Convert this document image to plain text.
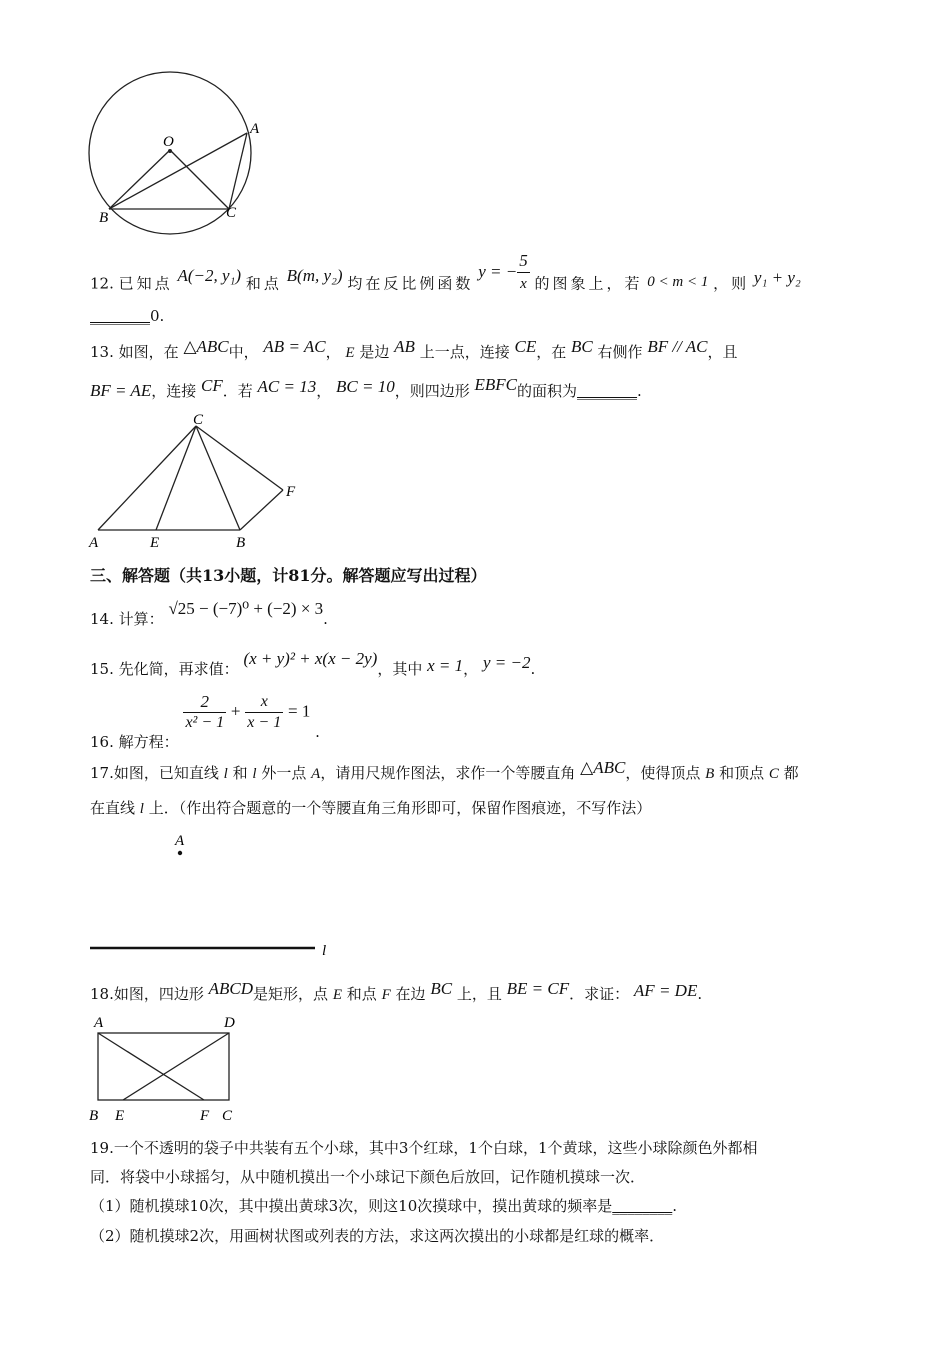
O
A
B	C
12. 已知点 A(−2, y₁) 和点 B(m, y₂) 均在反比例函数 y = − $\frac{5}{x}$ 的图象上，若 0 < m < 1 ，则 y₁ + y₂
________0.
13. 如图，在 △ABC中， AB = AC， E 是边 AB 上一点，连接 CE，在 BC 右侧作 BF // AC，且
BF = AE，连接 CF．若 AC = 13， BC = 10，则四边形 EBFC的面积为________.
C
F
A	E	B
三、解答题（共13小题，计81分。解答题应写出过程）
14. 计算： √25 − (−7)⁰ + (−2) × 3.
15. 先化简，再求值： (x + y)² + x(x − 2y)，其中 x = 1， y = −2.
16. 解方程：
$\frac{2}{\text{x² − 1}} + \frac{x}{x - 1} = 1$ .
17.如图，已知直线 l 和 l 外一点 A，请用尺规作图法，求作一个等腰直角 △ABC，使得顶点 B 和顶点 C 都
在直线 l 上．（作出符合题意的一个等腰直角三角形即可，保留作图痕迹，不写作法）
A
l
18.如图，四边形 ABCD是矩形，点 E 和点 F 在边 BC 上，且 BE = CF．求证： AF = DE.
A	D
B E	F C
19.一个不透明的袋子中共装有五个小球，其中3个红球，1个白球，1个黄球，这些小球除颜色外都相
同．将袋中小球摇匀，从中随机摸出一个小球记下颜色后放回，记作随机摸球一次．
（1）随机摸球10次，其中摸出黄球3次，则这10次摸球中，摸出黄球的频率是________.
（2）随机摸球2次，用画树状图或列表的方法，求这两次摸出的小球都是红球的概率．
